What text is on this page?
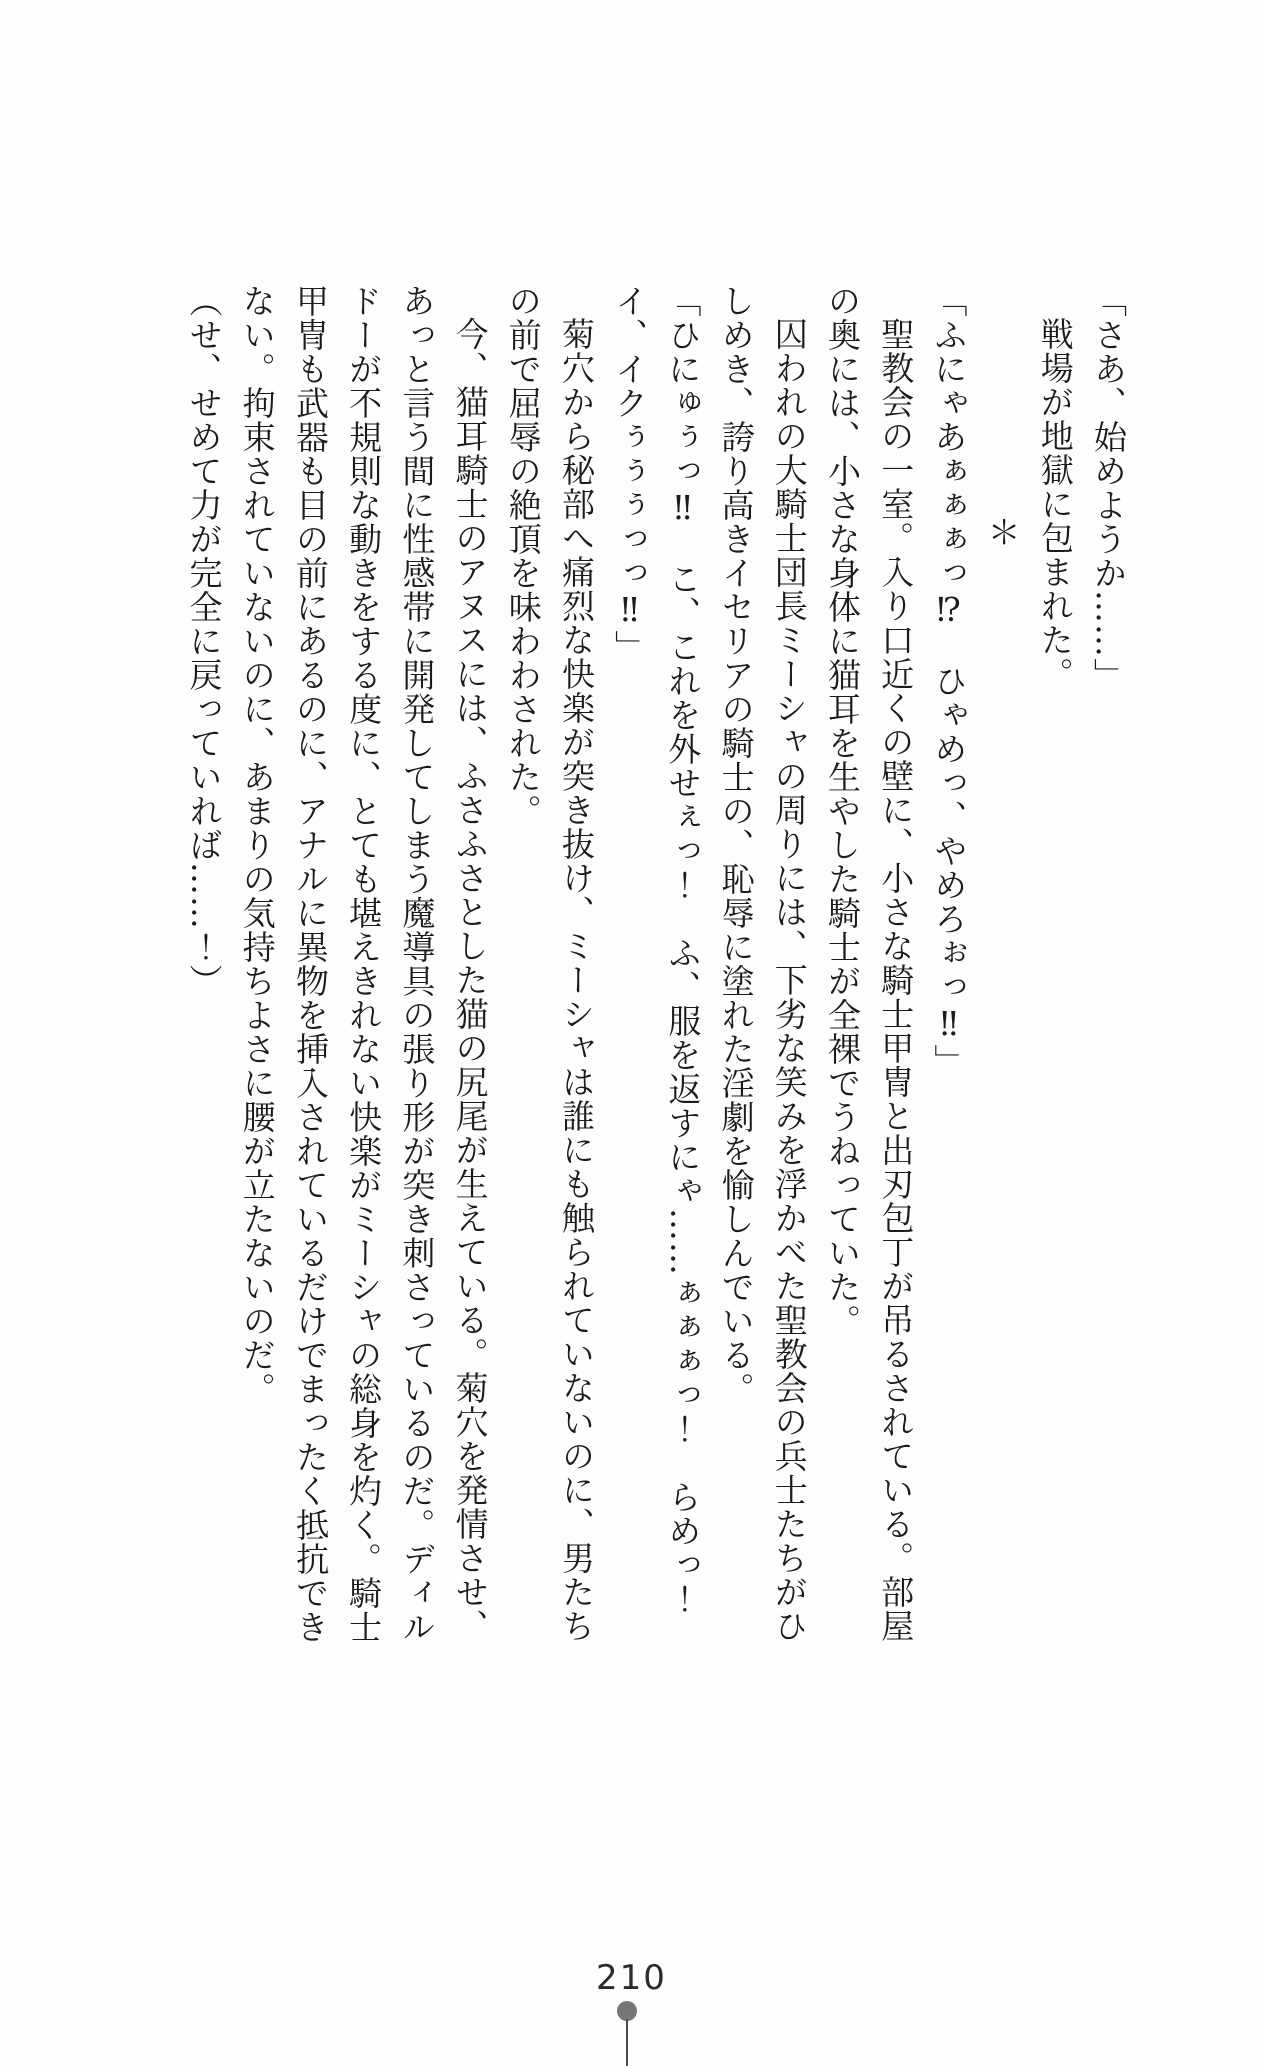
「さあ、始めようか……」

戦場が地獄に包まれた。

＊

「ふにゃあぁぁぁっ⁉　ひゃめっ、やめろぉっ‼」

聖教会の一室。入り口近くの壁に、小さな騎士甲冑と出刃包丁が吊るされている。部屋

の奥には、小さな身体に猫耳を生やした騎士が全裸でうねっていた。

囚われの大騎士団長ミーシャの周りには、下劣な笑みを浮かべた聖教会の兵士たちがひ

しめき、誇り高きイセリアの騎士の、恥辱に塗れた淫劇を愉しんでいる。

「ひにゅぅっ‼　こ、これを外せぇっ！　ふ、服を返すにゃ……ぁぁぁっ！　らめっ！

イ、イクぅぅぅっっ‼」

菊穴から秘部へ痛烈な快楽が突き抜け、ミーシャは誰にも触られていないのに、男たち

の前で屈辱の絶頂を味わわされた。

今、猫耳騎士のアヌスには、ふさふさとした猫の尻尾が生えている。菊穴を発情させ、

あっと言う間に性感帯に開発してしまう魔導具の張り形が突き刺さっているのだ。ディル

ドーが不規則な動きをする度に、とても堪えきれない快楽がミーシャの総身を灼く。騎士

甲冑も武器も目の前にあるのに、アナルに異物を挿入されているだけでまったく抵抗でき

ない。拘束されていないのに、あまりの気持ちよさに腰が立たないのだ。

（せ、せめて力が完全に戻っていれば……！）

210
